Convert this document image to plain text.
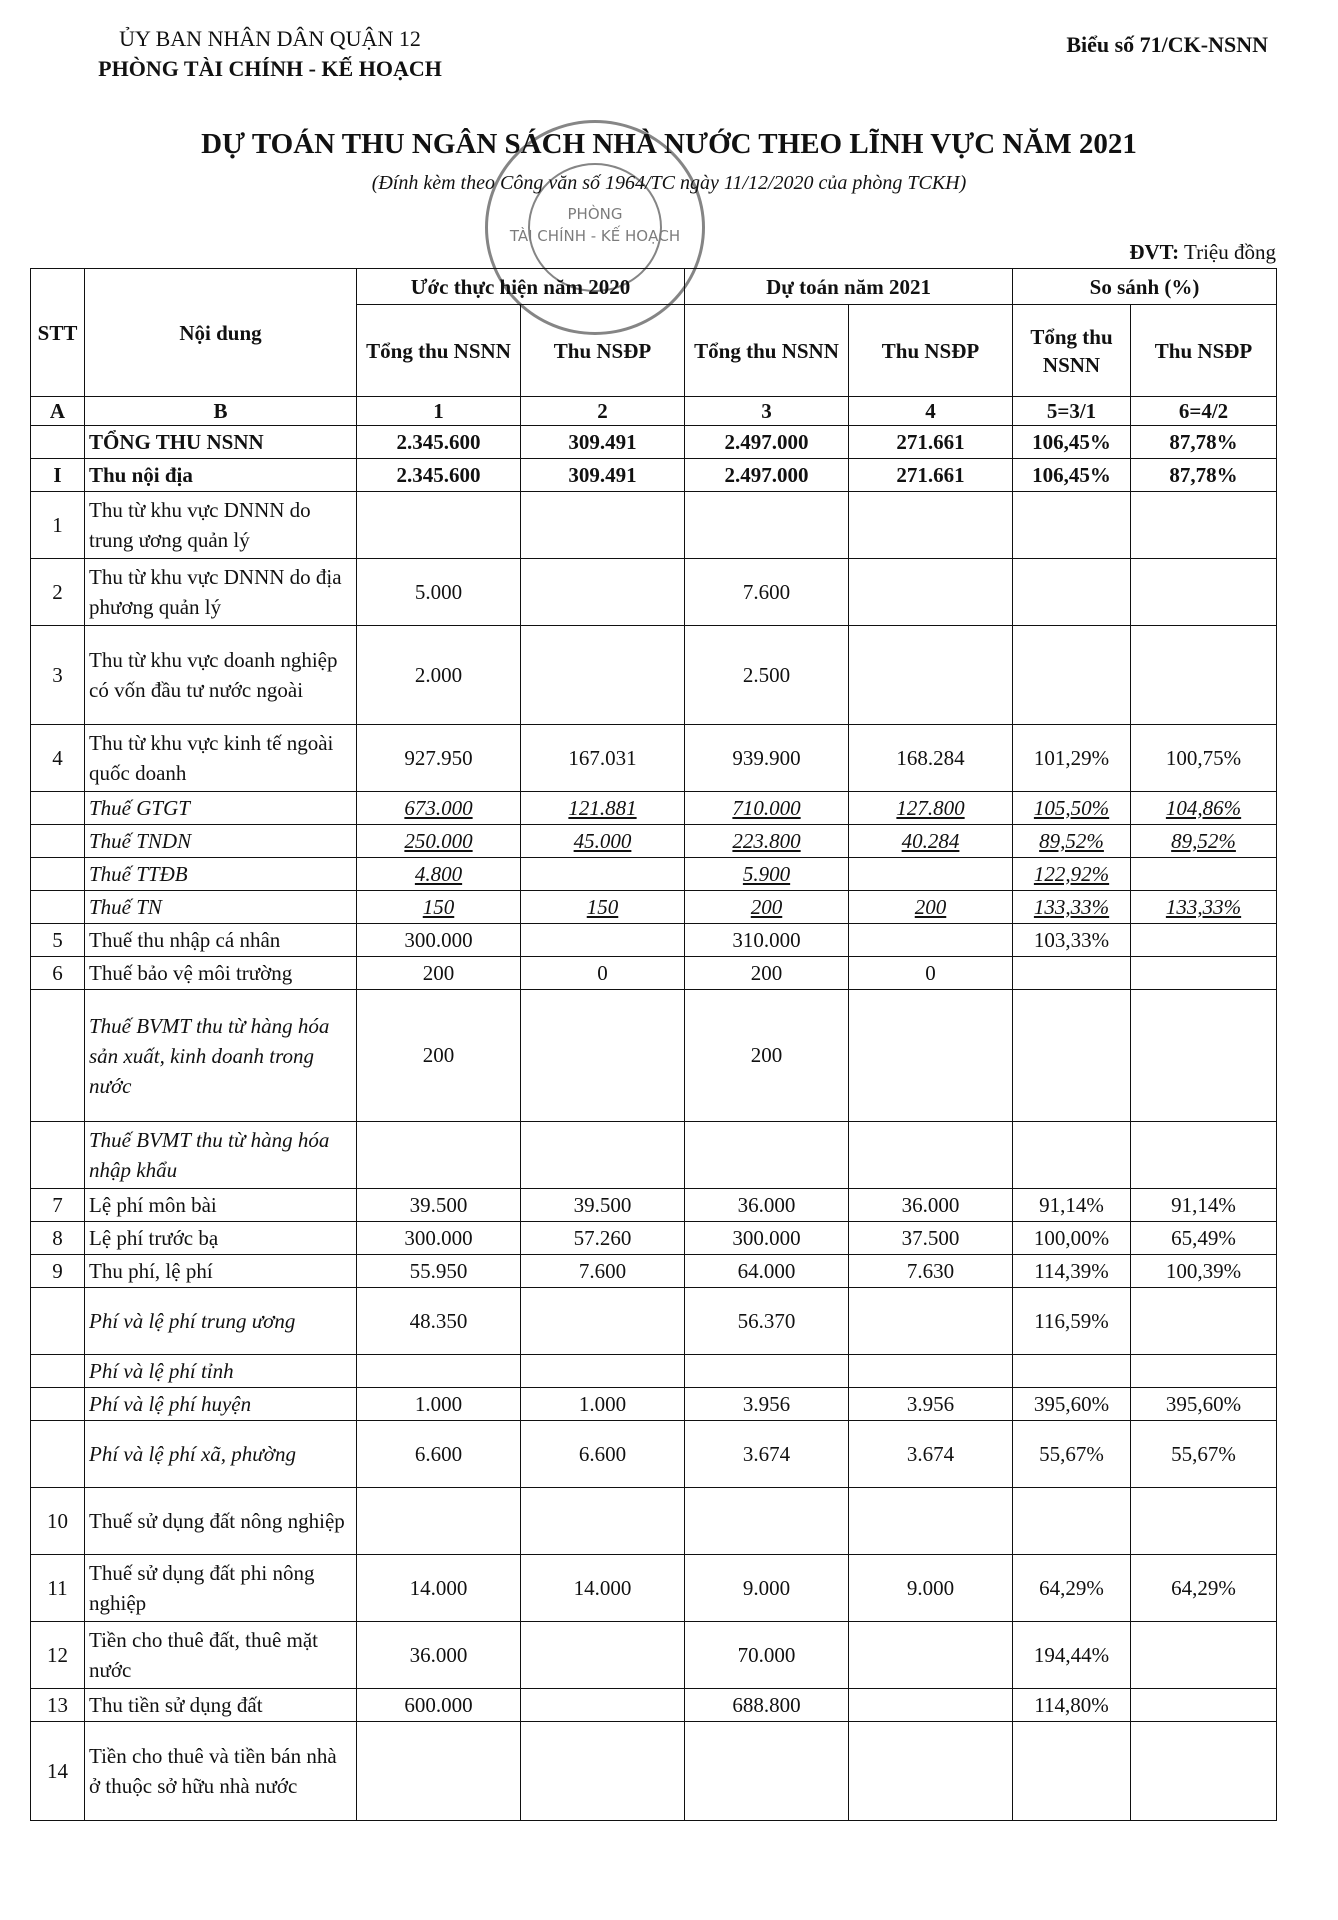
ỦY BAN NHÂN DÂN QUẬN 12
PHÒNG TÀI CHÍNH - KẾ HOẠCH
Biểu số 71/CK-NSNN
PHÒNG
TÀI CHÍNH - KẾ HOẠCH
DỰ TOÁN THU NGÂN SÁCH NHÀ NƯỚC THEO LĨNH VỰC NĂM 2021
(Đính kèm theo Công văn số 1964/TC ngày 11/12/2020 của phòng TCKH)
ĐVT: Triệu đồng
STT	Nội dung	Ước thực hiện năm 2020		Dự toán năm 2021		So sánh (%)	
		Tổng thu NSNN	Thu NSĐP	Tổng thu NSNN	Thu NSĐP	Tổng thu NSNN	Thu NSĐP
A	B	1	2	3	4	5=3/1	6=4/2
	TỔNG THU NSNN	2.345.600	309.491	2.497.000	271.661	106,45%	87,78%
I	Thu nội địa	2.345.600	309.491	2.497.000	271.661	106,45%	87,78%
1	Thu từ khu vực DNNN do trung ương quản lý						
2	Thu từ khu vực DNNN do địa phương quản lý	5.000		7.600			
3	Thu từ khu vực doanh nghiệp có vốn đầu tư nước ngoài	2.000		2.500			
4	Thu từ khu vực kinh tế ngoài quốc doanh	927.950	167.031	939.900	168.284	101,29%	100,75%
	Thuế GTGT	673.000	121.881	710.000	127.800	105,50%	104,86%
	Thuế TNDN	250.000	45.000	223.800	40.284	89,52%	89,52%
	Thuế TTĐB	4.800		5.900		122,92%	
	Thuế TN	150	150	200	200	133,33%	133,33%
5	Thuế thu nhập cá nhân	300.000		310.000		103,33%	
6	Thuế bảo vệ môi trường	200	0	200	0		
	Thuế BVMT thu từ hàng hóa sản xuất, kinh doanh trong nước	200		200			
	Thuế BVMT thu từ hàng hóa nhập khẩu						
7	Lệ phí môn bài	39.500	39.500	36.000	36.000	91,14%	91,14%
8	Lệ phí trước bạ	300.000	57.260	300.000	37.500	100,00%	65,49%
9	Thu phí, lệ phí	55.950	7.600	64.000	7.630	114,39%	100,39%
	Phí và lệ phí trung ương	48.350		56.370		116,59%	
	Phí và lệ phí tỉnh						
	Phí và lệ phí huyện	1.000	1.000	3.956	3.956	395,60%	395,60%
	Phí và lệ phí xã, phường	6.600	6.600	3.674	3.674	55,67%	55,67%
10	Thuế sử dụng đất nông nghiệp						
11	Thuế sử dụng đất phi nông nghiệp	14.000	14.000	9.000	9.000	64,29%	64,29%
12	Tiền cho thuê đất, thuê mặt nước	36.000		70.000		194,44%	
13	Thu tiền sử dụng đất	600.000		688.800		114,80%	
14	Tiền cho thuê và tiền bán nhà ở thuộc sở hữu nhà nước						
